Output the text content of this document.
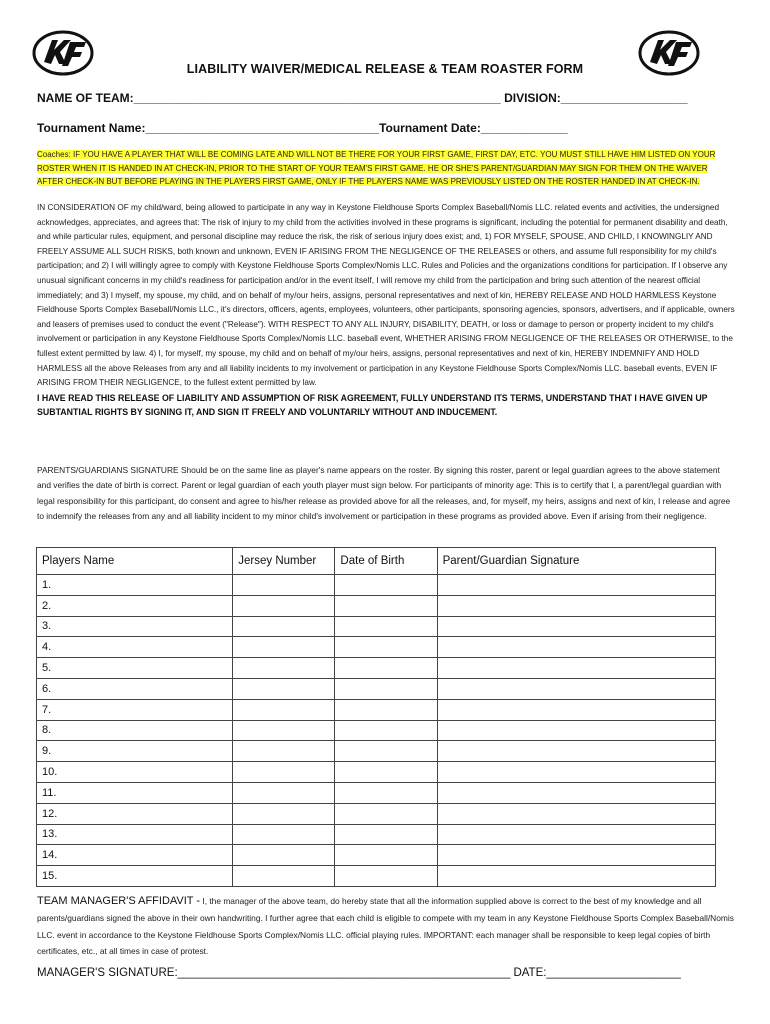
LIABILITY WAIVER/MEDICAL RELEASE & TEAM ROASTER FORM
NAME OF TEAM:_______________________________________________________ DIVISION:___________________
Tournament Name:___________________________________Tournament Date:_____________
Coaches: IF YOU HAVE A PLAYER THAT WILL BE COMING LATE AND WILL NOT BE THERE FOR YOUR FIRST GAME, FIRST DAY, ETC. YOU MUST STILL HAVE HIM LISTED ON YOUR ROSTER WHEN IT IS HANDED IN AT CHECK-IN, PRIOR TO THE START OF YOUR TEAM'S FIRST GAME. HE OR SHE'S PARENT/GUARDIAN MAY SIGN FOR THEM ON THE WAIVER AFTER CHECK-IN BUT BEFORE PLAYING IN THE PLAYERS FIRST GAME, ONLY IF THE PLAYERS NAME WAS PREVIOUSLY LISTED ON THE ROSTER HANDED IN AT CHECK-IN.
IN CONSIDERATION OF my child/ward, being allowed to participate in any way in Keystone Fieldhouse Sports Complex Baseball/Nomis LLC. related events and activities, the undersigned acknowledges, appreciates, and agrees that: The risk of injury to my child from the activities involved in these programs is significant, including the potential for permanent disability and death, and while particular rules, equipment, and personal discipline may reduce the risk, the risk of serious injury does exist; and, 1) FOR MYSELF, SPOUSE, AND CHILD, I KNOWINGLIY AND FREELY ASSUME ALL SUCH RISKS, both known and unknown, EVEN IF ARISING FROM THE NEGLIGENCE OF THE RELEASES or others, and assume full responsibility for my child's participation; and 2) I will willingly agree to comply with Keystone Fieldhouse Sports Complex/Nomis LLC. Rules and Policies and the organizations conditions for participation. If I observe any unusual significant concerns in my child's readiness for participation and/or in the event itself, I will remove my child from the participation and bring such attention of the nearest official immediately; and 3) I myself, my spouse, my child, and on behalf of my/our heirs, assigns, personal representatives and next of kin, HEREBY RELEASE AND HOLD HARMLESS Keystone Fieldhouse Sports Complex Baseball/Nomis LLC., it's directors, officers, agents, employees, volunteers, other participants, sponsoring agencies, sponsors, advertisers, and if applicable, owners and leasers of premises used to conduct the event ("Release"). WITH RESPECT TO ANY ALL INJURY, DISABILITY, DEATH, or loss or damage to person or property incident to my child's involvement or participation in any Keystone Fieldhouse Sports Complex/Nomis LLC. baseball event, WHETHER ARISING FROM NEGLIGENCE OF THE RELEASES OR OTHERWISE, to the fullest extent permitted by law. 4) I, for myself, my spouse, my child and on behalf of my/our heirs, assigns, personal representatives and next of kin, HEREBY INDEMNIFY AND HOLD HARMLESS all the above Releases from any and all liability incidents to my involvement or participation in any Keystone Fieldhouse Sports Complex/Nomis LLC. baseball events, EVEN IF ARISING FROM THEIR NEGLIGENCE, to the fullest extent permitted by law.
I HAVE READ THIS RELEASE OF LIABILITY AND ASSUMPTION OF RISK AGREEMENT, FULLY UNDERSTAND ITS TERMS, UNDERSTAND THAT I HAVE GIVEN UP SUBTANTIAL RIGHTS BY SIGNING IT, AND SIGN IT FREELY AND VOLUNTARILY WITHOUT AND INDUCEMENT.
PARENTS/GUARDIANS SIGNATURE Should be on the same line as player's name appears on the roster. By signing this roster, parent or legal guardian agrees to the above statement and verifies the date of birth is correct. Parent or legal guardian of each youth player must sign below. For participants of minority age: This is to certify that I, a parent/legal guardian with legal responsibility for this participant, do consent and agree to his/her release as provided above for all the releases, and, for myself, my heirs, assigns and next of kin, I release and agree to indemnify the releases from any and all liability incident to my minor child's involvement or participation in these programs as provided above. Even if arising from their negligence.
Players Name	Jersey Number	Date of Birth	Parent/Guardian Signature
1.			
2.			
3.			
4.			
5.			
6.			
7.			
8.			
9.			
10.			
11.			
12.			
13.			
14.			
15.			
TEAM MANAGER'S AFFIDAVIT - I, the manager of the above team, do hereby state that all the information supplied above is correct to the best of my knowledge and all parents/guardians signed the above in their own handwriting. I further agree that each child is eligible to compete with my team in any Keystone Fieldhouse Sports Complex Baseball/Nomis LLC. event in accordance to the Keystone Fieldhouse Sports Complex/Nomis LLC. official playing rules. IMPORTANT: each manager shall be responsible to keep legal copies of birth certificates, etc., at all times in case of protest.
MANAGER'S SIGNATURE:____________________________________________________ DATE:_____________________
